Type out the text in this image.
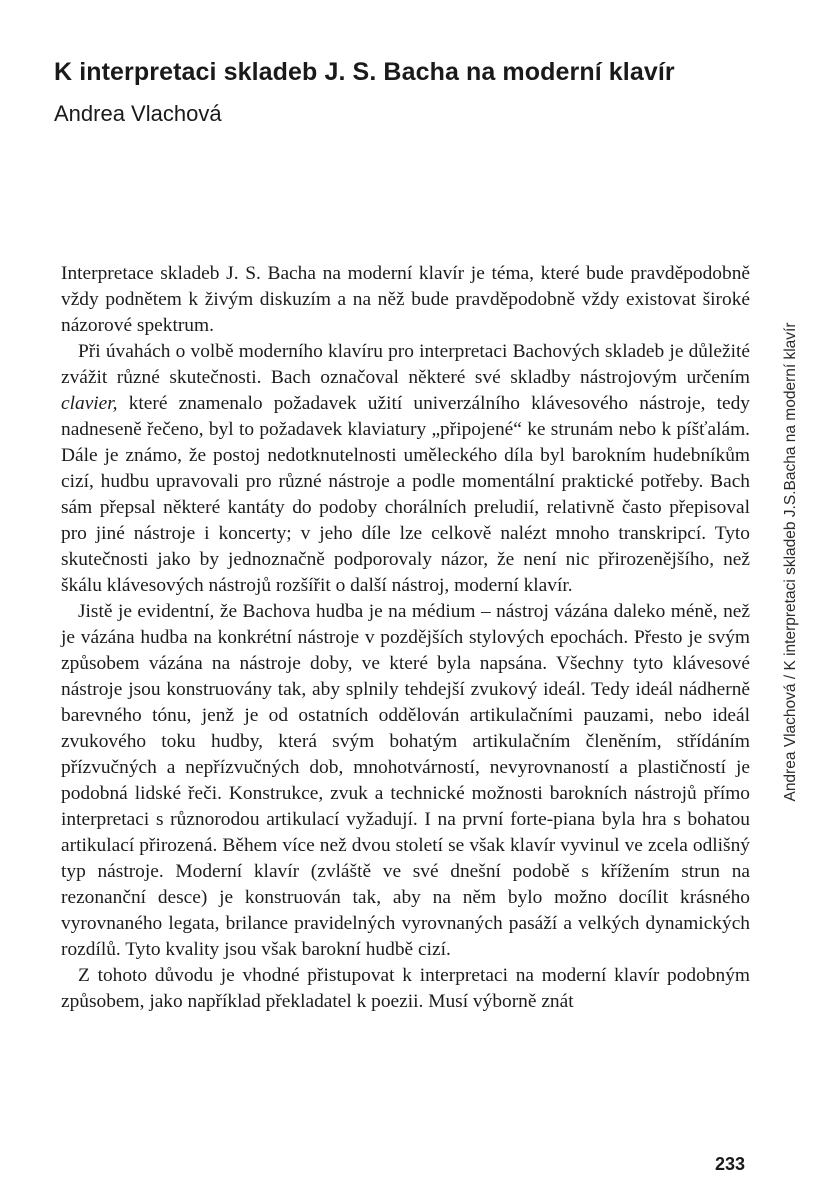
K interpretaci skladeb J. S. Bacha na moderní klavír
Andrea Vlachová
Andrea Vlachová / K interpretaci skladeb J.S.Bacha na moderní klavír

Interpretace skladeb J. S. Bacha na moderní klavír je téma, které bude pravděpodobně vždy podnětem k živým diskuzím a na něž bude pravděpodobně vždy existovat široké názorové spektrum.

Při úvahách o volbě moderního klavíru pro interpretaci Bachových skladeb je důležité zvážit různé skutečnosti. Bach označoval některé své skladby nástrojovým určením clavier, které znamenalo požadavek užití univerzálního klávesového nástroje, tedy nadneseně řečeno, byl to požadavek klaviatury „připojené“ ke strunám nebo k píšťalám. Dále je známo, že postoj nedotknutelnosti uměleckého díla byl barokním hudebníkům cizí, hudbu upravovali pro různé nástroje a podle momentální praktické potřeby. Bach sám přepsal některé kantáty do podoby chorálních preludií, relativně často přepisoval pro jiné nástroje i koncerty; v jeho díle lze celkově nalézt mnoho transkripcí. Tyto skutečnosti jako by jednoznačně podporovaly názor, že není nic přirozenějšího, než škálu klávesových nástrojů rozšířit o další nástroj, moderní klavír.

Jistě je evidentní, že Bachova hudba je na médium – nástroj vázána daleko méně, než je vázána hudba na konkrétní nástroje v pozdějších stylových epochách. Přesto je svým způsobem vázána na nástroje doby, ve které byla napsána. Všechny tyto klávesové nástroje jsou konstruovány tak, aby splnily tehdejší zvukový ideál. Tedy ideál nádherně barevného tónu, jenž je od ostatních oddělován artikulačními pauzami, nebo ideál zvukového toku hudby, která svým bohatým artikulačním členěním, střídáním přízvučných a nepřízvučných dob, mnohotvárností, nevyrovnaností a plastičností je podobná lidské řeči. Konstrukce, zvuk a technické možnosti barokních nástrojů přímo interpretaci s různorodou artikulací vyžadují. I na první forte-piana byla hra s bohatou artikulací přirozená. Během více než dvou století se však klavír vyvinul ve zcela odlišný typ nástroje. Moderní klavír (zvláště ve své dnešní podobě s křížením strun na rezonanční desce) je konstruován tak, aby na něm bylo možno docílit krásného vyrovnaného legata, brilance pravidelných vyrovnaných pasáží a velkých dynamických rozdílů. Tyto kvality jsou však barokní hudbě cizí.

Z tohoto důvodu je vhodné přistupovat k interpretaci na moderní klavír podobným způsobem, jako například překladatel k poezii. Musí výborně znát

233
